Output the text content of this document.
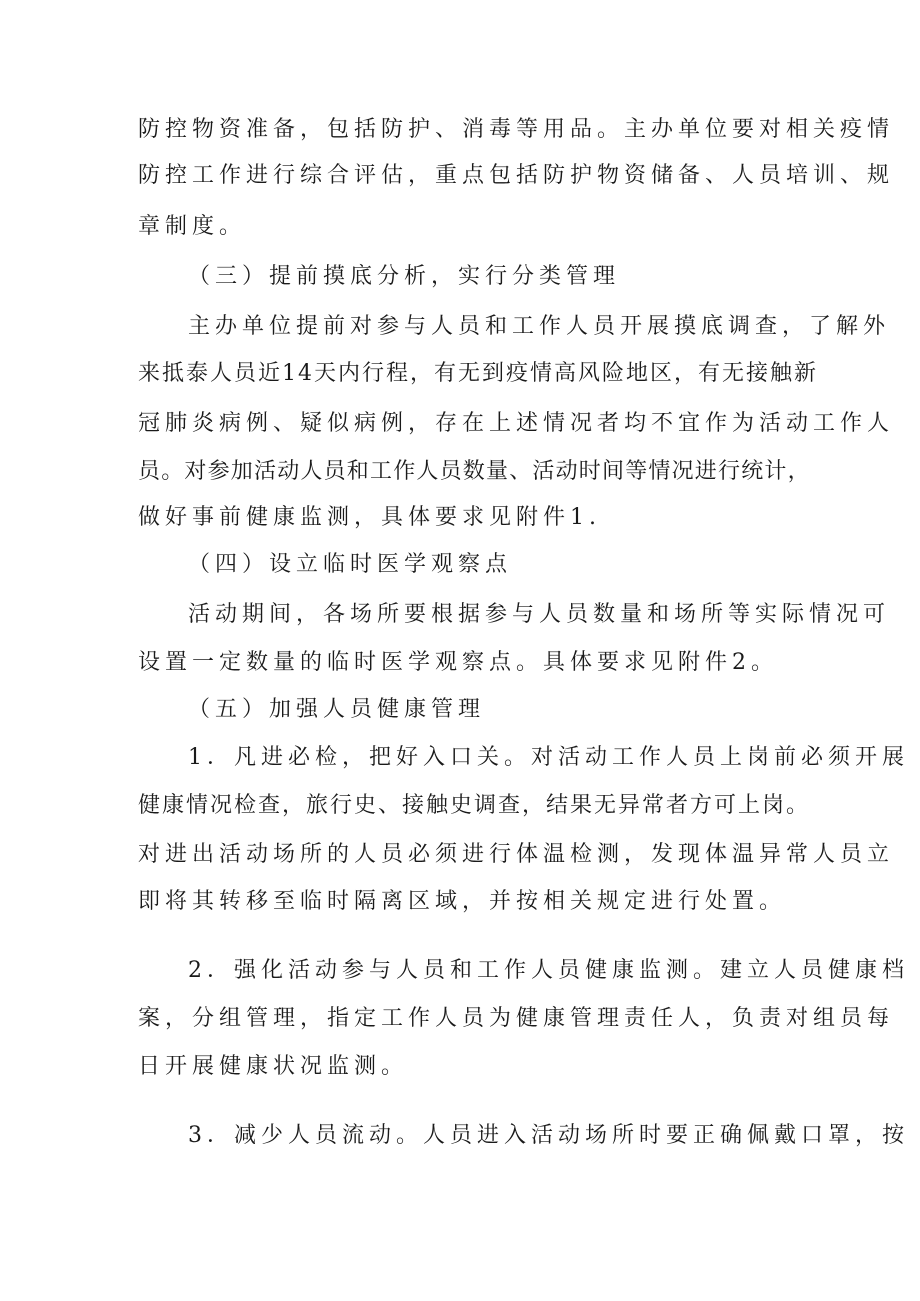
防控物资准备，包括防护、消毒等用品。主办单位要对相关疫情
防控工作进行综合评估，重点包括防护物资储备、人员培训、规
章制度。
（三）提前摸底分析，实行分类管理
主办单位提前对参与人员和工作人员开展摸底调查，了解外
来抵泰人员近14天内行程，有无到疫情高风险地区，有无接触新
冠肺炎病例、疑似病例，存在上述情况者均不宜作为活动工作人
员。对参加活动人员和工作人员数量、活动时间等情况进行统计，
做好事前健康监测，具体要求见附件1.
（四）设立临时医学观察点
活动期间，各场所要根据参与人员数量和场所等实际情况可
设置一定数量的临时医学观察点。具体要求见附件2。
（五）加强人员健康管理
1．凡进必检，把好入口关。对活动工作人员上岗前必须开展
健康情况检查，旅行史、接触史调查，结果无异常者方可上岗。
对进出活动场所的人员必须进行体温检测，发现体温异常人员立
即将其转移至临时隔离区域，并按相关规定进行处置。
2．强化活动参与人员和工作人员健康监测。建立人员健康档
案，分组管理，指定工作人员为健康管理责任人，负责对组员每
日开展健康状况监测。
3．减少人员流动。人员进入活动场所时要正确佩戴口罩，按
